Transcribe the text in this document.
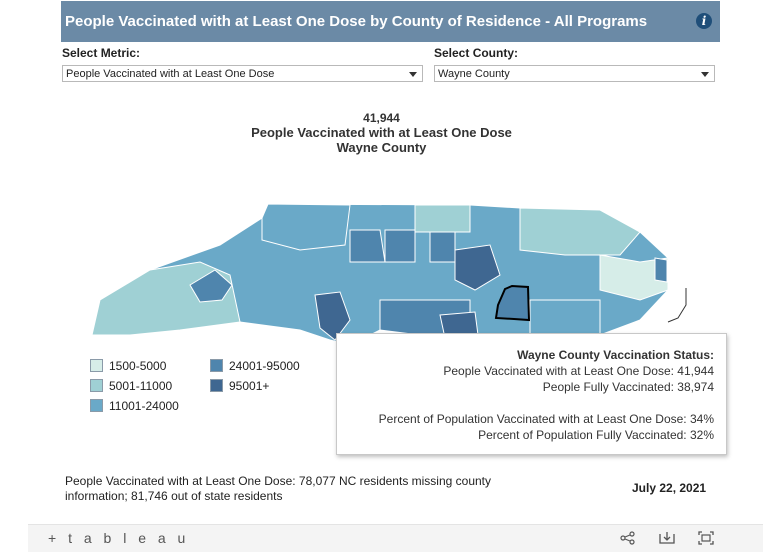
People Vaccinated with at Least One Dose by County of Residence - All Programs	i
Select Metric:
People Vaccinated with at Least One Dose
Select County:
Wayne County
41,944
People Vaccinated with at Least One Dose
Wayne County
1500-5000
5001-11000
11001-24000
24001-95000
95001+
Wayne County Vaccination Status:
People Vaccinated with at Least One Dose: 41,944
People Fully Vaccinated: 38,974
Percent of Population Vaccinated with at Least One Dose: 34%
Percent of Population Fully Vaccinated: 32%
People Vaccinated with at Least One Dose: 78,077 NC residents missing county information; 81,746 out of state residents
July 22, 2021
+ t a b l e a u
